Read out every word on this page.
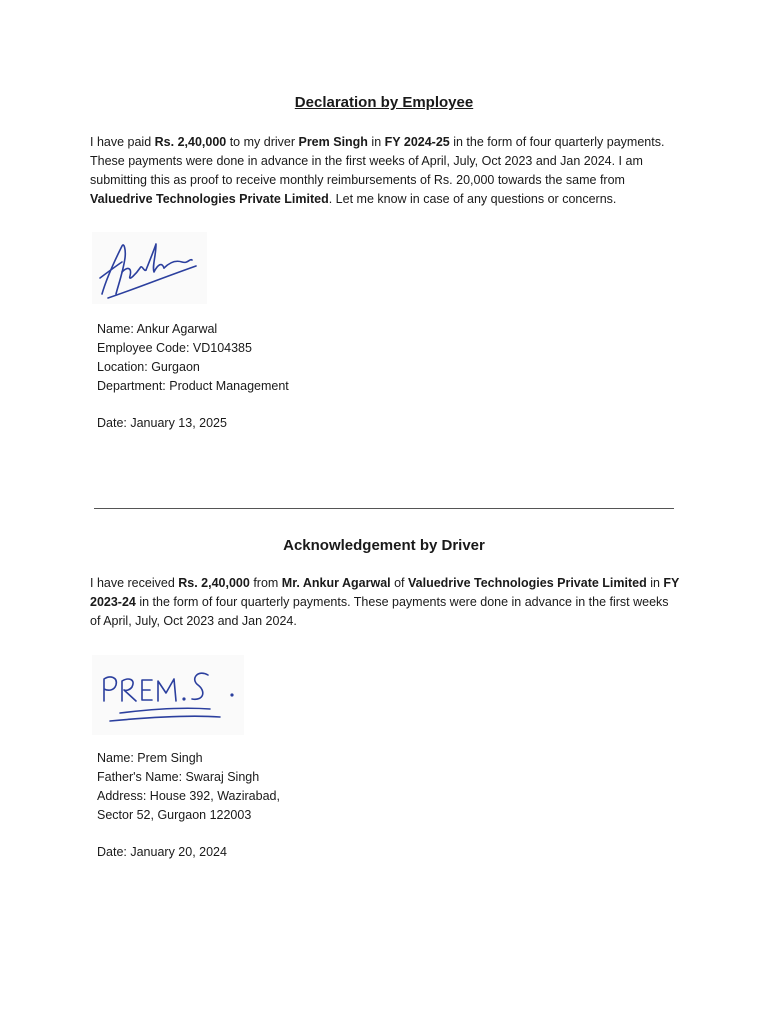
Declaration by Employee

I have paid Rs. 2,40,000 to my driver Prem Singh in FY 2024-25 in the form of four quarterly payments. These payments were done in advance in the first weeks of April, July, Oct 2023 and Jan 2024. I am submitting this as proof to receive monthly reimbursements of Rs. 20,000 towards the same from Valuedrive Technologies Private Limited. Let me know in case of any questions or concerns.

Name: Ankur Agarwal
Employee Code: VD104385
Location: Gurgaon
Department: Product Management
Date: January 13, 2025
Acknowledgement by Driver

I have received Rs. 2,40,000 from Mr. Ankur Agarwal of Valuedrive Technologies Private Limited in FY 2023-24 in the form of four quarterly payments. These payments were done in advance in the first weeks of April, July, Oct 2023 and Jan 2024.

Name: Prem Singh
Father's Name: Swaraj Singh
Address: House 392, Wazirabad,
Sector 52, Gurgaon 122003
Date: January 20, 2024
